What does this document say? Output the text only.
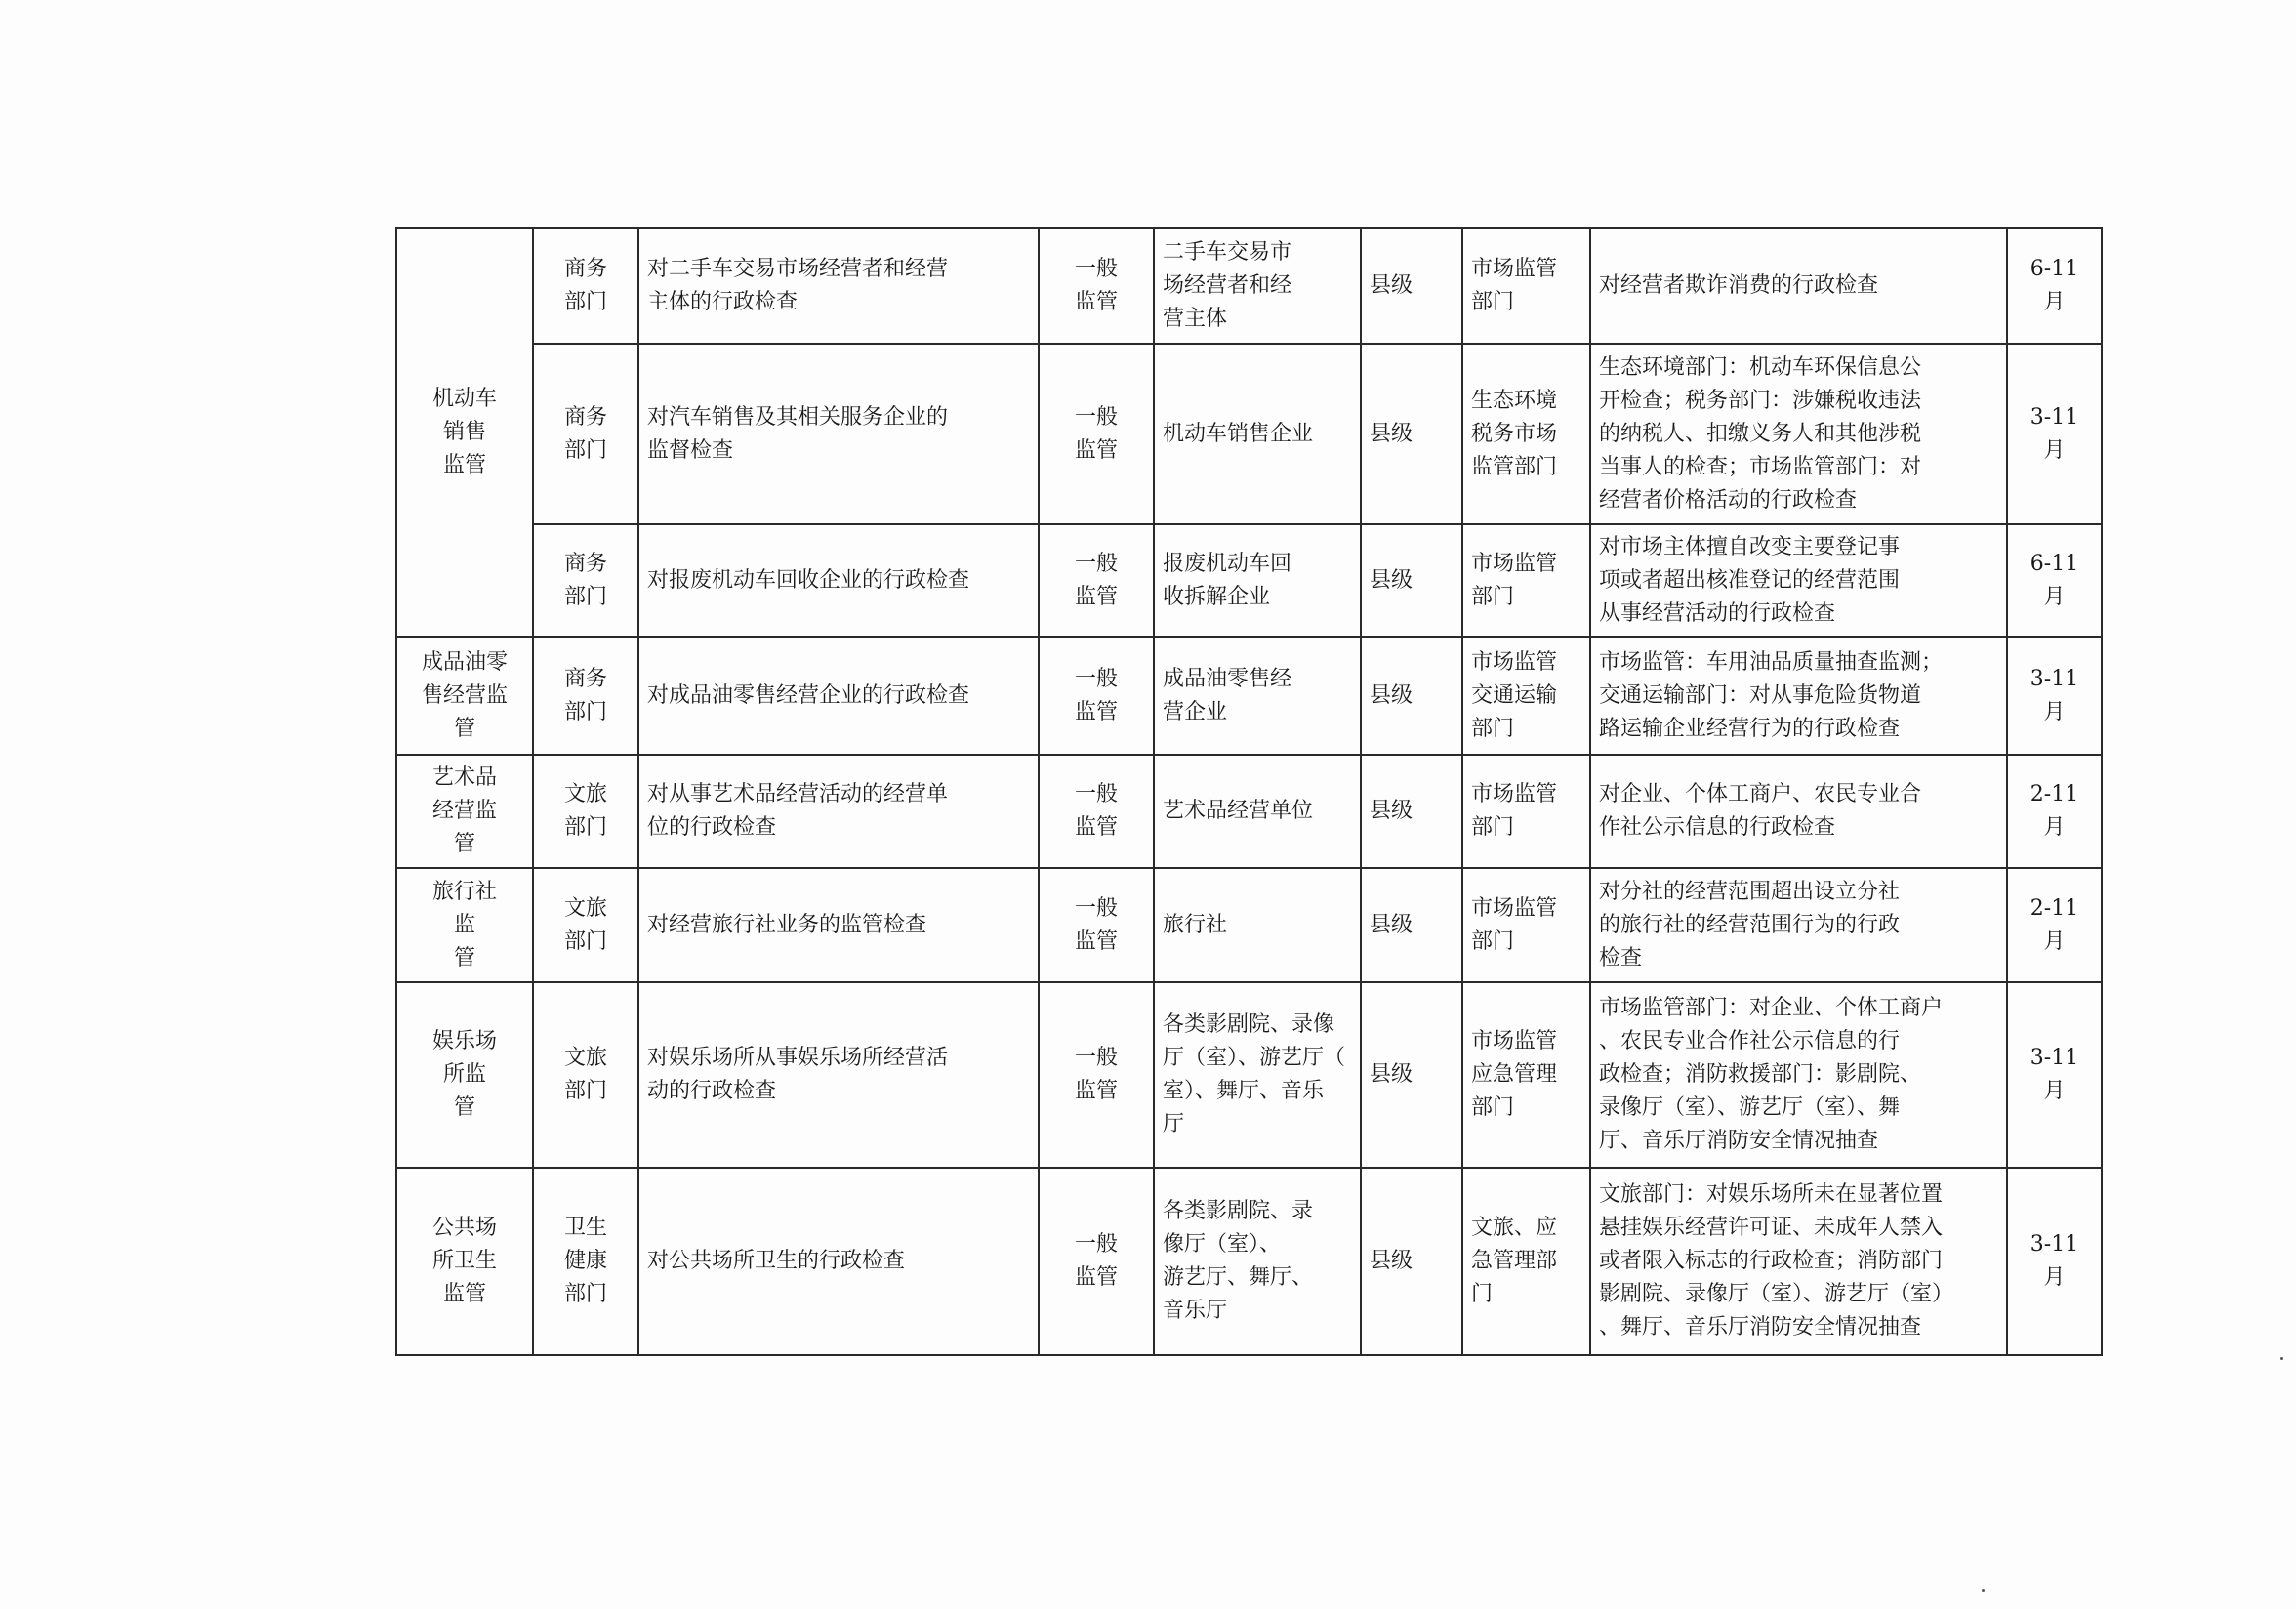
机动车
销售
监管	商务
部门	对二手车交易市场经营者和经营
主体的行政检查	一般
监管	二手车交易市
场经营者和经
营主体	县级	市场监管
部门	对经营者欺诈消费的行政检查	6-11
月

	商务
部门	对汽车销售及其相关服务企业的
监督检查	一般
监管	机动车销售企业	县级	生态环境
税务市场
监管部门	生态环境部门：机动车环保信息公
开检查；税务部门：涉嫌税收违法
的纳税人、扣缴义务人和其他涉税
当事人的检查；市场监管部门：对
经营者价格活动的行政检查	3-11
月

	商务
部门	对报废机动车回收企业的行政检查	一般
监管	报废机动车回
收拆解企业	县级	市场监管
部门	对市场主体擅自改变主要登记事
项或者超出核准登记的经营范围
从事经营活动的行政检查	6-11
月

成品油零
售经营监
管	商务
部门	对成品油零售经营企业的行政检查	一般
监管	成品油零售经
营企业	县级	市场监管
交通运输
部门	市场监管：车用油品质量抽查监测；
交通运输部门：对从事危险货物道
路运输企业经营行为的行政检查	3-11
月

艺术品
经营监
管	文旅
部门	对从事艺术品经营活动的经营单
位的行政检查	一般
监管	艺术品经营单位	县级	市场监管
部门	对企业、个体工商户、农民专业合
作社公示信息的行政检查	2-11
月

旅行社
监
管	文旅
部门	对经营旅行社业务的监管检查	一般
监管	旅行社	县级	市场监管
部门	对分社的经营范围超出设立分社
的旅行社的经营范围行为的行政
检查	2-11
月

娱乐场
所监
管	文旅
部门	对娱乐场所从事娱乐场所经营活
动的行政检查	一般
监管	各类影剧院、录像
厅（室）、游艺厅（
室）、舞厅、音乐
厅	县级	市场监管
应急管理
部门	市场监管部门：对企业、个体工商户
、农民专业合作社公示信息的行
政检查；消防救援部门：影剧院、
录像厅（室）、游艺厅（室）、舞
厅、音乐厅消防安全情况抽查	3-11
月

公共场
所卫生
监管	卫生
健康
部门	对公共场所卫生的行政检查	一般
监管	各类影剧院、录
像厅（室）、
游艺厅、舞厅、
音乐厅	县级	文旅、应
急管理部
门	文旅部门：对娱乐场所未在显著位置
悬挂娱乐经营许可证、未成年人禁入
或者限入标志的行政检查；消防部门
影剧院、录像厅（室）、游艺厅（室）
、舞厅、音乐厅消防安全情况抽查	3-11
月
